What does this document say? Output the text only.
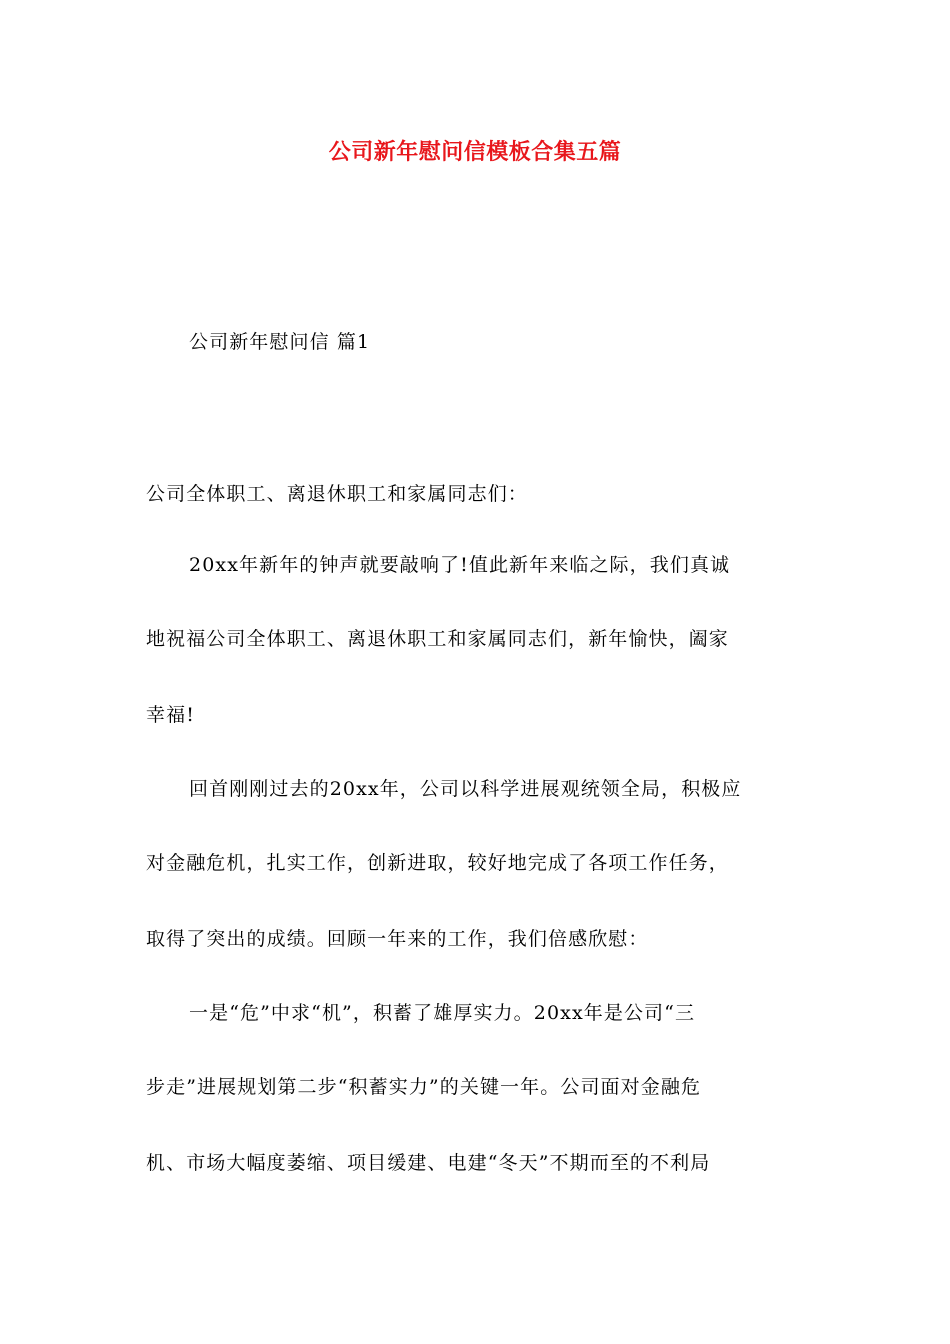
公司新年慰问信模板合集五篇
公司新年慰问信 篇1
公司全体职工、离退休职工和家属同志们：
20xx年新年的钟声就要敲响了!值此新年来临之际，我们真诚
地祝福公司全体职工、离退休职工和家属同志们，新年愉快，阖家
幸福!
回首刚刚过去的20xx年，公司以科学进展观统领全局，积极应
对金融危机，扎实工作，创新进取，较好地完成了各项工作任务，
取得了突出的成绩。回顾一年来的工作，我们倍感欣慰：
一是“危”中求“机”，积蓄了雄厚实力。20xx年是公司“三
步走”进展规划第二步“积蓄实力”的关键一年。公司面对金融危
机、市场大幅度萎缩、项目缓建、电建“冬天”不期而至的不利局
